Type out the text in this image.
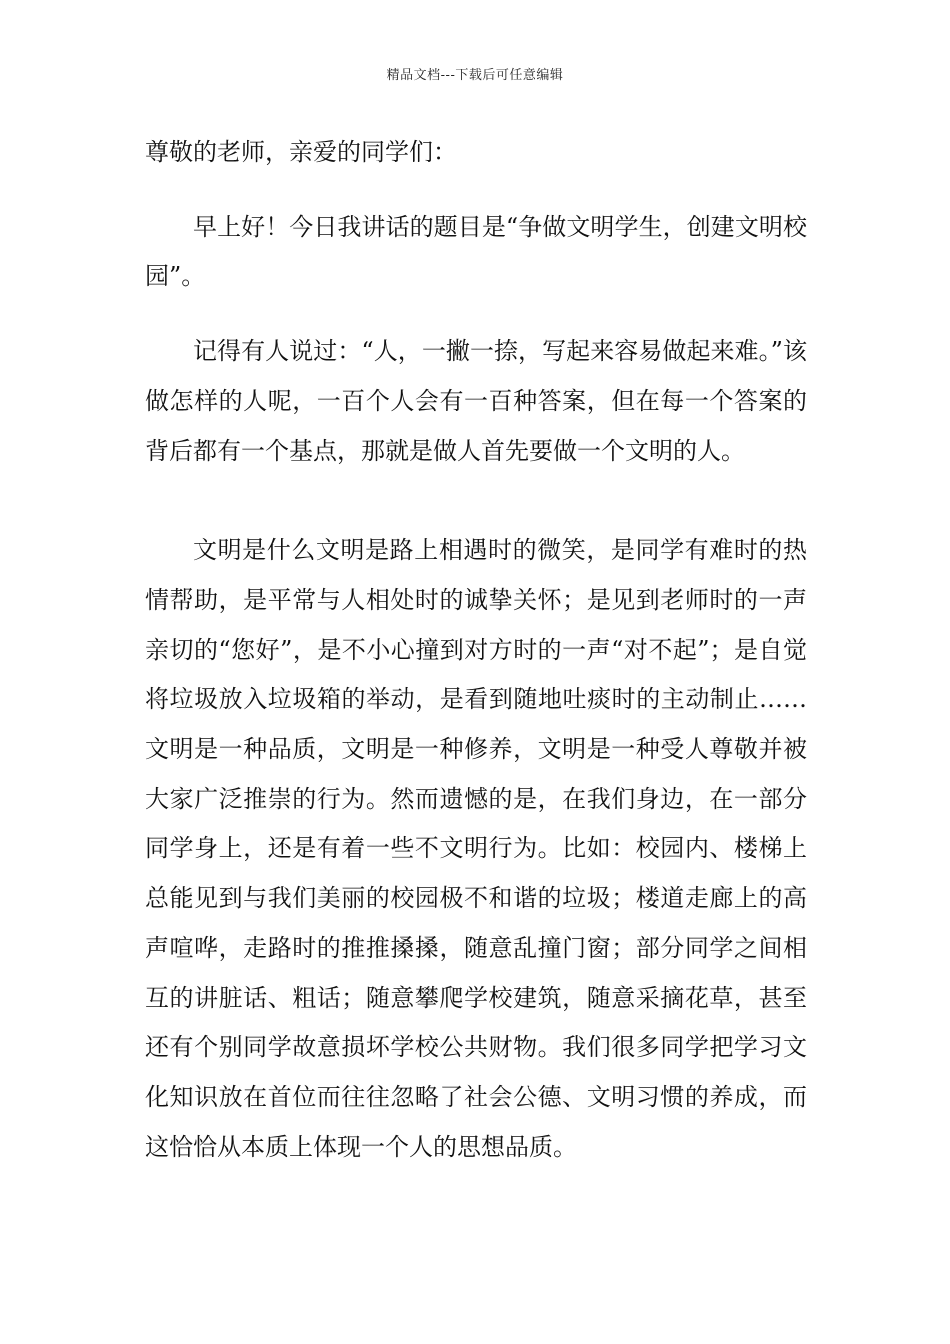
精品文档---下载后可任意编辑

尊敬的老师，亲爱的同学们：

早上好！今日我讲话的题目是“争做文明学生，创建文明校园”。

记得有人说过：“人，一撇一捺，写起来容易做起来难。”该做怎样的人呢，一百个人会有一百种答案，但在每一个答案的背后都有一个基点，那就是做人首先要做一个文明的人。

文明是什么文明是路上相遇时的微笑，是同学有难时的热情帮助，是平常与人相处时的诚挚关怀；是见到老师时的一声亲切的“您好”，是不小心撞到对方时的一声“对不起”；是自觉将垃圾放入垃圾箱的举动，是看到随地吐痰时的主动制止……文明是一种品质，文明是一种修养，文明是一种受人尊敬并被大家广泛推崇的行为。然而遗憾的是，在我们身边，在一部分同学身上，还是有着一些不文明行为。比如：校园内、楼梯上总能见到与我们美丽的校园极不和谐的垃圾；楼道走廊上的高声喧哗，走路时的推推搡搡，随意乱撞门窗；部分同学之间相互的讲脏话、粗话；随意攀爬学校建筑，随意采摘花草，甚至还有个别同学故意损坏学校公共财物。我们很多同学把学习文化知识放在首位而往往忽略了社会公德、文明习惯的养成，而这恰恰从本质上体现一个人的思想品质。
